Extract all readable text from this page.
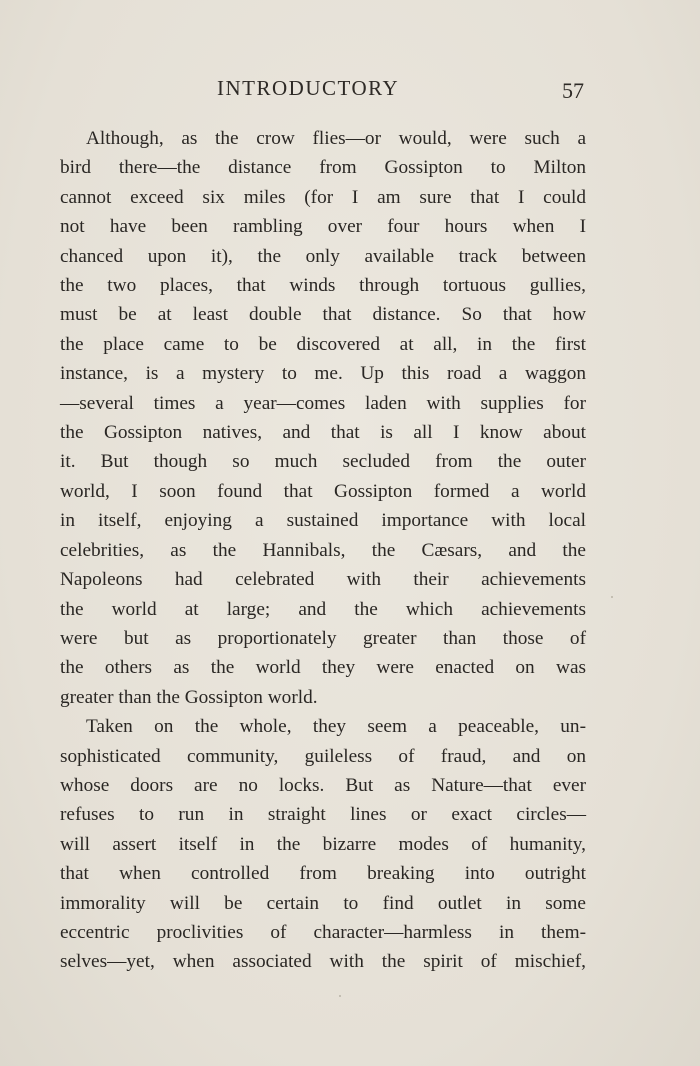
INTRODUCTORY	57

Although, as the crow flies—or would, were such a
bird there—the distance from Gossipton to Milton
cannot exceed six miles (for I am sure that I could
not have been rambling over four hours when I
chanced upon it), the only available track between
the two places, that winds through tortuous gullies,
must be at least double that distance. So that how
the place came to be discovered at all, in the first
instance, is a mystery to me. Up this road a waggon
—several times a year—comes laden with supplies for
the Gossipton natives, and that is all I know about
it. But though so much secluded from the outer
world, I soon found that Gossipton formed a world
in itself, enjoying a sustained importance with local
celebrities, as the Hannibals, the Cæsars, and the
Napoleons had celebrated with their achievements
the world at large; and the which achievements
were but as proportionately greater than those of
the others as the world they were enacted on was
greater than the Gossipton world.

Taken on the whole, they seem a peaceable, un-
sophisticated community, guileless of fraud, and on
whose doors are no locks. But as Nature—that ever
refuses to run in straight lines or exact circles—
will assert itself in the bizarre modes of humanity,
that when controlled from breaking into outright
immorality will be certain to find outlet in some
eccentric proclivities of character—harmless in them-
selves—yet, when associated with the spirit of mischief,
